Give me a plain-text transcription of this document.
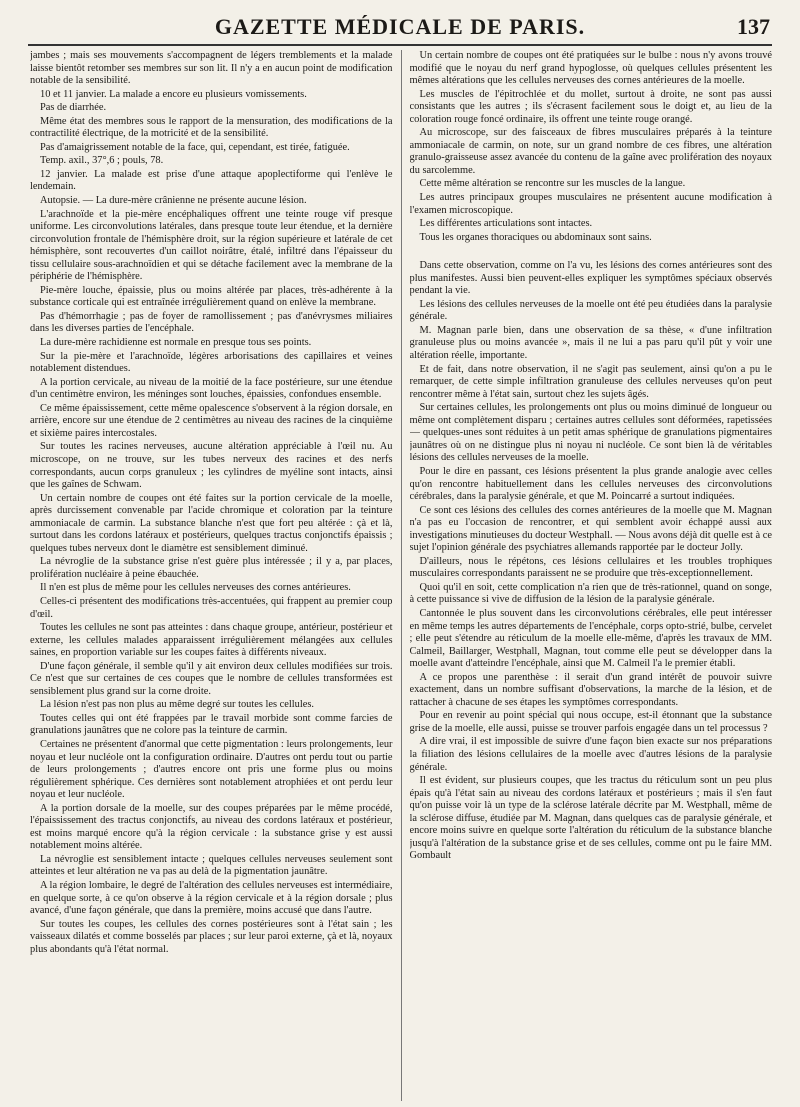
GAZETTE MÉDICALE DE PARIS.	137

jambes ; mais ses mouvements s'accompagnent de légers tremblements et la malade laisse bientôt retomber ses membres sur son lit. Il n'y a en aucun point de modification notable de la sensibilité.

10 et 11 janvier. La malade a encore eu plusieurs vomissements.

Pas de diarrhée.

Même état des membres sous le rapport de la mensuration, des modifications de la contractilité électrique, de la motricité et de la sensibilité.

Pas d'amaigrissement notable de la face, qui, cependant, est tirée, fatiguée.

Temp. axil., 37°,6 ; pouls, 78.

12 janvier. La malade est prise d'une attaque apoplectiforme qui l'enlève le lendemain.

Autopsie. — La dure-mère crânienne ne présente aucune lésion.

L'arachnoïde et la pie-mère encéphaliques offrent une teinte rouge vif presque uniforme. Les circonvolutions latérales, dans presque toute leur étendue, et la dernière circonvolution frontale de l'hémisphère droit, sur la région supérieure et latérale de cet hémisphère, sont recouvertes d'un caillot noirâtre, étalé, infiltré dans l'épaisseur du tissu cellulaire sous-arachnoïdien et qui se détache facilement avec la membrane de la périphérie de l'hémisphère.

Pie-mère louche, épaissie, plus ou moins altérée par places, très-adhérente à la substance corticale qui est entraînée irrégulièrement quand on enlève la membrane.

Pas d'hémorrhagie ; pas de foyer de ramollissement ; pas d'anévrysmes miliaires dans les diverses parties de l'encéphale.

La dure-mère rachidienne est normale en presque tous ses points.

Sur la pie-mère et l'arachnoïde, légères arborisations des capillaires et veines notablement distendues.

A la portion cervicale, au niveau de la moitié de la face postérieure, sur une étendue d'un centimètre environ, les méninges sont louches, épaissies, confondues ensemble.

Ce même épaississement, cette même opalescence s'observent à la région dorsale, en arrière, encore sur une étendue de 2 centimètres au niveau des racines de la cinquième et sixième paires intercostales.

Sur toutes les racines nerveuses, aucune altération appréciable à l'œil nu. Au microscope, on ne trouve, sur les tubes nerveux des racines et des nerfs correspondants, aucun corps granuleux ; les cylindres de myéline sont intacts, ainsi que les gaînes de Schwam.

Un certain nombre de coupes ont été faites sur la portion cervicale de la moelle, après durcissement convenable par l'acide chromique et coloration par la teinture ammoniacale de carmin. La substance blanche n'est que fort peu altérée : çà et là, surtout dans les cordons latéraux et postérieurs, quelques tractus conjonctifs épaissis ; quelques tubes nerveux dont le diamètre est sensiblement diminué.

La névroglie de la substance grise n'est guère plus intéressée ; il y a, par places, prolifération nucléaire à peine ébauchée.

Il n'en est plus de même pour les cellules nerveuses des cornes antérieures.

Celles-ci présentent des modifications très-accentuées, qui frappent au premier coup d'œil.

Toutes les cellules ne sont pas atteintes : dans chaque groupe, antérieur, postérieur et externe, les cellules malades apparaissent irrégulièrement mélangées aux cellules saines, en proportion variable sur les coupes faites à différents niveaux.

D'une façon générale, il semble qu'il y ait environ deux cellules modifiées sur trois. Ce n'est que sur certaines de ces coupes que le nombre de cellules transformées est sensiblement plus grand sur la corne droite.

La lésion n'est pas non plus au même degré sur toutes les cellules.

Toutes celles qui ont été frappées par le travail morbide sont comme farcies de granulations jaunâtres que ne colore pas la teinture de carmin.

Certaines ne présentent d'anormal que cette pigmentation : leurs prolongements, leur noyau et leur nucléole ont la configuration ordinaire. D'autres ont perdu tout ou partie de leurs prolongements ; d'autres encore ont pris une forme plus ou moins régulièrement sphérique. Ces dernières sont notablement atrophiées et ont perdu leur noyau et leur nucléole.

A la portion dorsale de la moelle, sur des coupes préparées par le même procédé, l'épaississement des tractus conjonctifs, au niveau des cordons latéraux et postérieur, est moins marqué encore qu'à la région cervicale : la substance grise y est aussi notablement moins altérée.

La névroglie est sensiblement intacte ; quelques cellules nerveuses seulement sont atteintes et leur altération ne va pas au delà de la pigmentation jaunâtre.

A la région lombaire, le degré de l'altération des cellules nerveuses est intermédiaire, en quelque sorte, à ce qu'on observe à la région cervicale et à la région dorsale ; plus avancé, d'une façon générale, que dans la première, moins accusé que dans l'autre.

Sur toutes les coupes, les cellules des cornes postérieures sont à l'état sain ; les vaisseaux dilatés et comme bosselés par places ; sur leur paroi externe, çà et là, noyaux plus abondants qu'à l'état normal.

Un certain nombre de coupes ont été pratiquées sur le bulbe : nous n'y avons trouvé modifié que le noyau du nerf grand hypoglosse, où quelques cellules présentent les mêmes altérations que les cellules nerveuses des cornes antérieures de la moelle.

Les muscles de l'épitrochlée et du mollet, surtout à droite, ne sont pas aussi consistants que les autres ; ils s'écrasent facilement sous le doigt et, au lieu de la coloration rouge foncé ordinaire, ils offrent une teinte rouge orangé.

Au microscope, sur des faisceaux de fibres musculaires préparés à la teinture ammoniacale de carmin, on note, sur un grand nombre de ces fibres, une altération granulo-graisseuse assez avancée du contenu de la gaîne avec prolifération des noyaux du sarcolemme.

Cette même altération se rencontre sur les muscles de la langue.

Les autres principaux groupes musculaires ne présentent aucune modification à l'examen microscopique.

Les différentes articulations sont intactes.

Tous les organes thoraciques ou abdominaux sont sains.

Dans cette observation, comme on l'a vu, les lésions des cornes antérieures sont des plus manifestes. Aussi bien peuvent-elles expliquer les symptômes spéciaux observés pendant la vie.

Les lésions des cellules nerveuses de la moelle ont été peu étudiées dans la paralysie générale.

M. Magnan parle bien, dans une observation de sa thèse, « d'une infiltration granuleuse plus ou moins avancée », mais il ne lui a pas paru qu'il pût y voir une altération réelle, importante.

Et de fait, dans notre observation, il ne s'agit pas seulement, ainsi qu'on a pu le remarquer, de cette simple infiltration granuleuse des cellules nerveuses qu'on peut rencontrer même à l'état sain, surtout chez les sujets âgés.

Sur certaines cellules, les prolongements ont plus ou moins diminué de longueur ou même ont complètement disparu ; certaines autres cellules sont déformées, rapetissées — quelques-unes sont réduites à un petit amas sphérique de granulations pigmentaires jaunâtres où on ne distingue plus ni noyau ni nucléole. Ce sont bien là de véritables lésions des cellules nerveuses de la moelle.

Pour le dire en passant, ces lésions présentent la plus grande analogie avec celles qu'on rencontre habituellement dans les cellules nerveuses des circonvolutions cérébrales, dans la paralysie générale, et que M. Poincarré a surtout indiquées.

Ce sont ces lésions des cellules des cornes antérieures de la moelle que M. Magnan n'a pas eu l'occasion de rencontrer, et qui semblent avoir échappé aussi aux investigations minutieuses du docteur Westphall. — Nous avons déjà dit quelle est à ce sujet l'opinion générale des psychiatres allemands rapportée par le docteur Jolly.

D'ailleurs, nous le répétons, ces lésions cellulaires et les troubles trophiques musculaires correspondants paraissent ne se produire que très-exceptionnellement.

Quoi qu'il en soit, cette complication n'a rien que de très-rationnel, quand on songe, à cette puissance si vive de diffusion de la lésion de la paralysie générale.

Cantonnée le plus souvent dans les circonvolutions cérébrales, elle peut intéresser en même temps les autres départements de l'encéphale, corps opto-strié, bulbe, cervelet ; elle peut s'étendre au réticulum de la moelle elle-même, d'après les travaux de MM. Calmeil, Baillarger, Westphall, Magnan, tout comme elle peut se développer dans la moelle avant d'atteindre l'encéphale, ainsi que M. Calmeil l'a le premier établi.

A ce propos une parenthèse : il serait d'un grand intérêt de pouvoir suivre exactement, dans un nombre suffisant d'observations, la marche de la lésion, et de rattacher à chacune de ses étapes les symptômes correspondants.

Pour en revenir au point spécial qui nous occupe, est-il étonnant que la substance grise de la moelle, elle aussi, puisse se trouver parfois engagée dans un tel processus ?

A dire vrai, il est impossible de suivre d'une façon bien exacte sur nos préparations la filiation des lésions cellulaires de la moelle avec d'autres lésions de la paralysie générale.

Il est évident, sur plusieurs coupes, que les tractus du réticulum sont un peu plus épais qu'à l'état sain au niveau des cordons latéraux et postérieurs ; mais il s'en faut qu'on puisse voir là un type de la sclérose latérale décrite par M. Westphall, même de la sclérose diffuse, étudiée par M. Magnan, dans quelques cas de paralysie générale, et encore moins suivre en quelque sorte l'altération du réticulum de la substance blanche jusqu'à l'altération de la substance grise et de ses cellules, comme ont pu le faire MM. Gombault
